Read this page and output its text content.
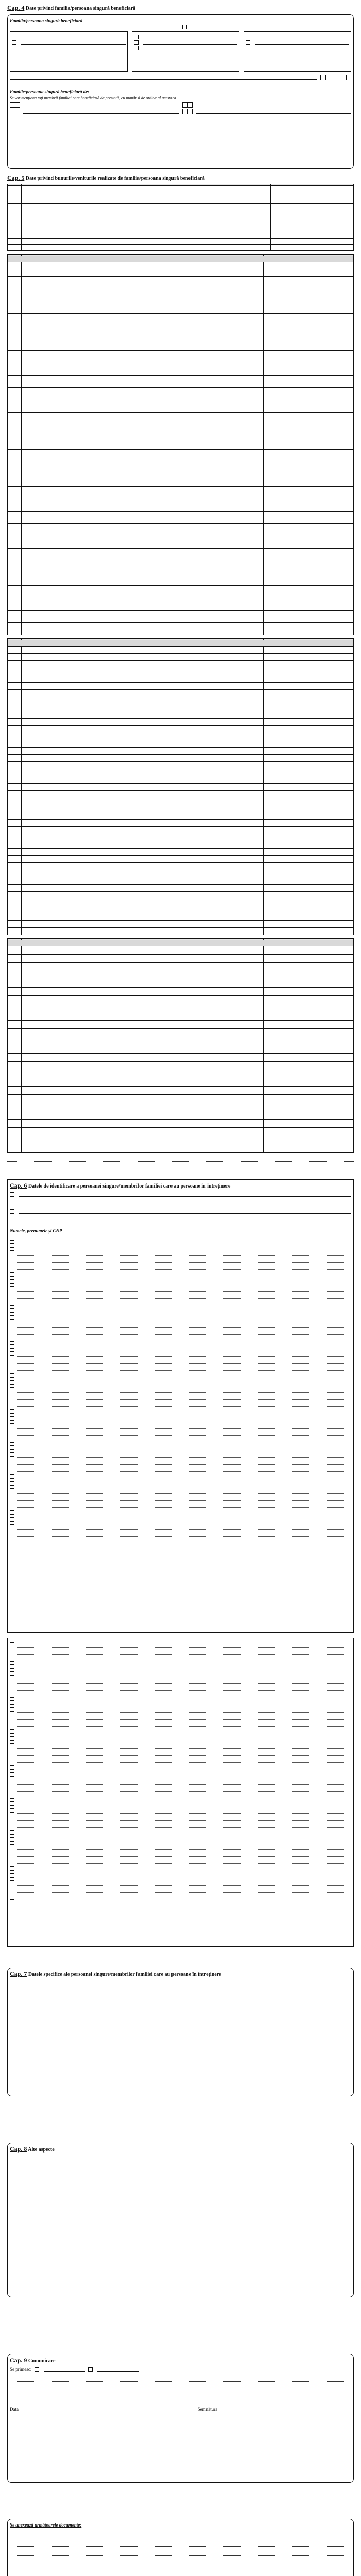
Cap. 4 Date privind familia/persoana singură beneficiară
Familia/persoana singură beneficiară
Familie/persoana singură beneficiară de:
Se vor menționa toți membrii familiei care beneficiază de prestații, cu numărul de ordine al acestora
Cap. 5 Date privind bunurile/veniturile realizate de familia/persoana singură beneficiară

Cap. 6 Datele de identificare a persoanei singure/membrilor familiei care au persoane în întreținere
Numele, prenumele și CNP
Cap. 7 Datele specifice ale persoanei singure/membrilor familiei care au persoane în întreținere
Cap. 8 Alte aspecte
Cap. 9 Comunicare
Se primesc:
Data	Semnătura
Se anexează următoarele documente:
